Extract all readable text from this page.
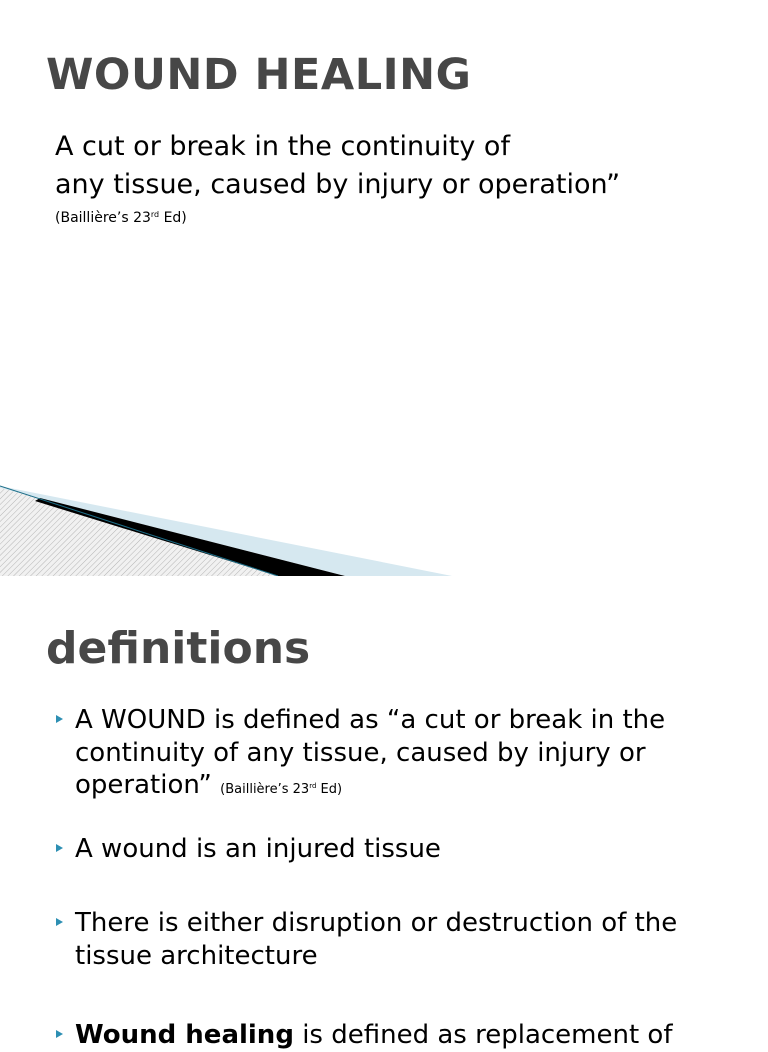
WOUND HEALING
A cut or break in the continuity of
any tissue, caused by injury or operation”
(Baillière’s 23rd Ed)
definitions
A WOUND is defined as “a cut or break in the continuity of any tissue, caused by injury or operation” (Baillière’s 23rd Ed)
A wound is an injured tissue
There is either disruption or destruction of the tissue architecture
Wound healing is defined as replacement of
